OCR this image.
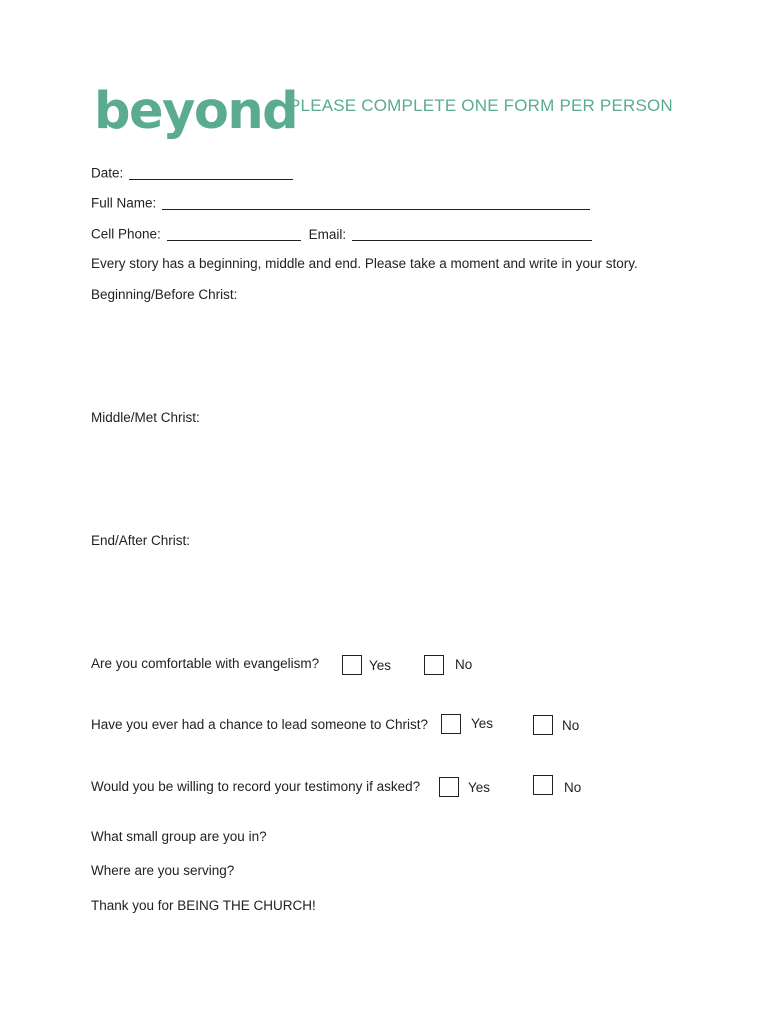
beyond
PLEASE COMPLETE ONE FORM PER PERSON
Date:
Full Name:
Cell Phone:	Email:
Every story has a beginning, middle and end. Please take a moment and write in your story.
Beginning/Before Christ:
Middle/Met Christ:
End/After Christ:
Are you comfortable with evangelism?	Yes	No
Have you ever had a chance to lead someone to Christ?	Yes	No
Would you be willing to record your testimony if asked?	Yes	No
What small group are you in?
Where are you serving?
Thank you for BEING THE CHURCH!
